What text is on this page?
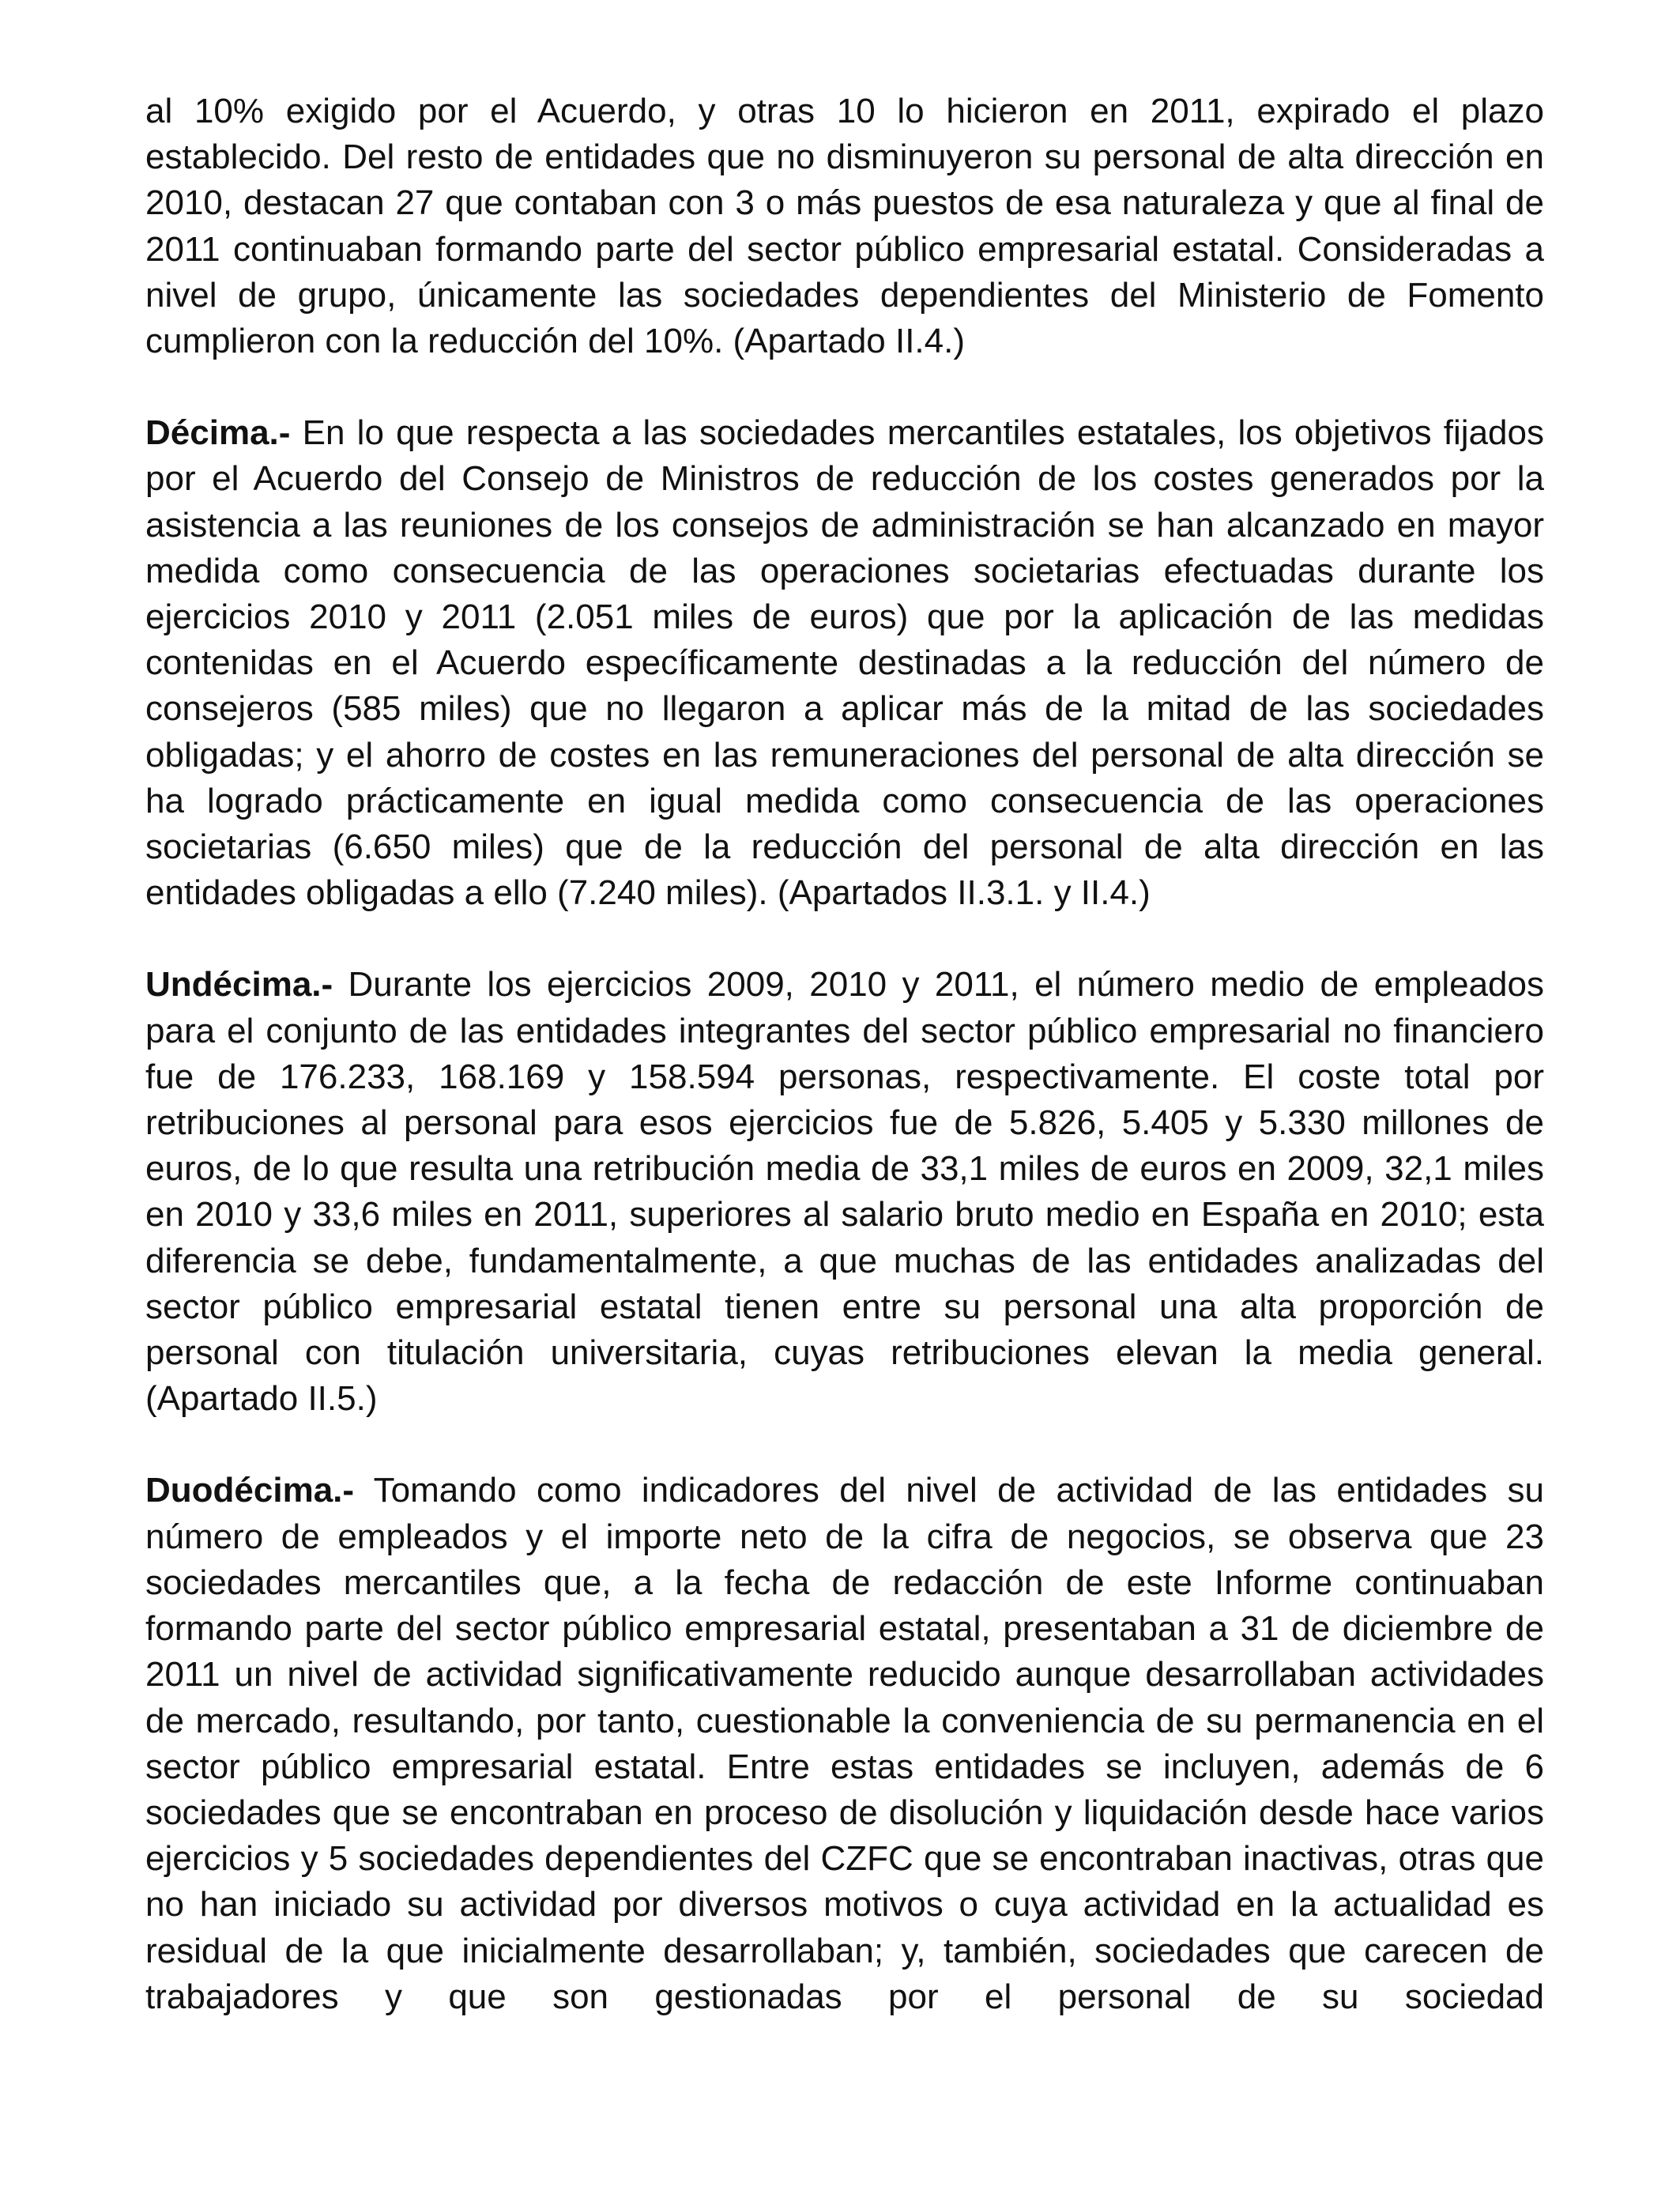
al 10% exigido por el Acuerdo, y otras 10 lo hicieron en 2011, expirado el plazo establecido. Del resto de entidades que no disminuyeron su personal de alta dirección en 2010, destacan 27 que contaban con 3 o más puestos de esa naturaleza y que al final de 2011 continuaban formando parte del sector público empresarial estatal. Consideradas a nivel de grupo, únicamente las sociedades dependientes del Ministerio de Fomento cumplieron con la reducción del 10%. (Apartado II.4.)

Décima.- En lo que respecta a las sociedades mercantiles estatales, los objetivos fijados por el Acuerdo del Consejo de Ministros de reducción de los costes generados por la asistencia a las reuniones de los consejos de administración se han alcanzado en mayor medida como consecuencia de las operaciones societarias efectuadas durante los ejercicios 2010 y 2011 (2.051 miles de euros) que por la aplicación de las medidas contenidas en el Acuerdo específicamente destinadas a la reducción del número de consejeros (585 miles) que no llegaron a aplicar más de la mitad de las sociedades obligadas; y el ahorro de costes en las remuneraciones del personal de alta dirección se ha logrado prácticamente en igual medida como consecuencia de las operaciones societarias (6.650 miles) que de la reducción del personal de alta dirección en las entidades obligadas a ello (7.240 miles). (Apartados II.3.1. y II.4.)

Undécima.- Durante los ejercicios 2009, 2010 y 2011, el número medio de empleados para el conjunto de las entidades integrantes del sector público empresarial no financiero fue de 176.233, 168.169 y 158.594 personas, respectivamente. El coste total por retribuciones al personal para esos ejercicios fue de 5.826, 5.405 y 5.330 millones de euros, de lo que resulta una retribución media de 33,1 miles de euros en 2009, 32,1 miles en 2010 y 33,6 miles en 2011, superiores al salario bruto medio en España en 2010; esta diferencia se debe, fundamentalmente, a que muchas de las entidades analizadas del sector público empresarial estatal tienen entre su personal una alta proporción de personal con titulación universitaria, cuyas retribuciones elevan la media general. (Apartado II.5.)

Duodécima.- Tomando como indicadores del nivel de actividad de las entidades su número de empleados y el importe neto de la cifra de negocios, se observa que 23 sociedades mercantiles que, a la fecha de redacción de este Informe continuaban formando parte del sector público empresarial estatal, presentaban a 31 de diciembre de 2011 un nivel de actividad significativamente reducido aunque desarrollaban actividades de mercado, resultando, por tanto, cuestionable la conveniencia de su permanencia en el sector público empresarial estatal. Entre estas entidades se incluyen, además de 6 sociedades que se encontraban en proceso de disolución y liquidación desde hace varios ejercicios y 5 sociedades dependientes del CZFC que se encontraban inactivas, otras que no han iniciado su actividad por diversos motivos o cuya actividad en la actualidad es residual de la que inicialmente desarrollaban; y, también, sociedades que carecen de trabajadores y que son gestionadas por el personal de su sociedad
